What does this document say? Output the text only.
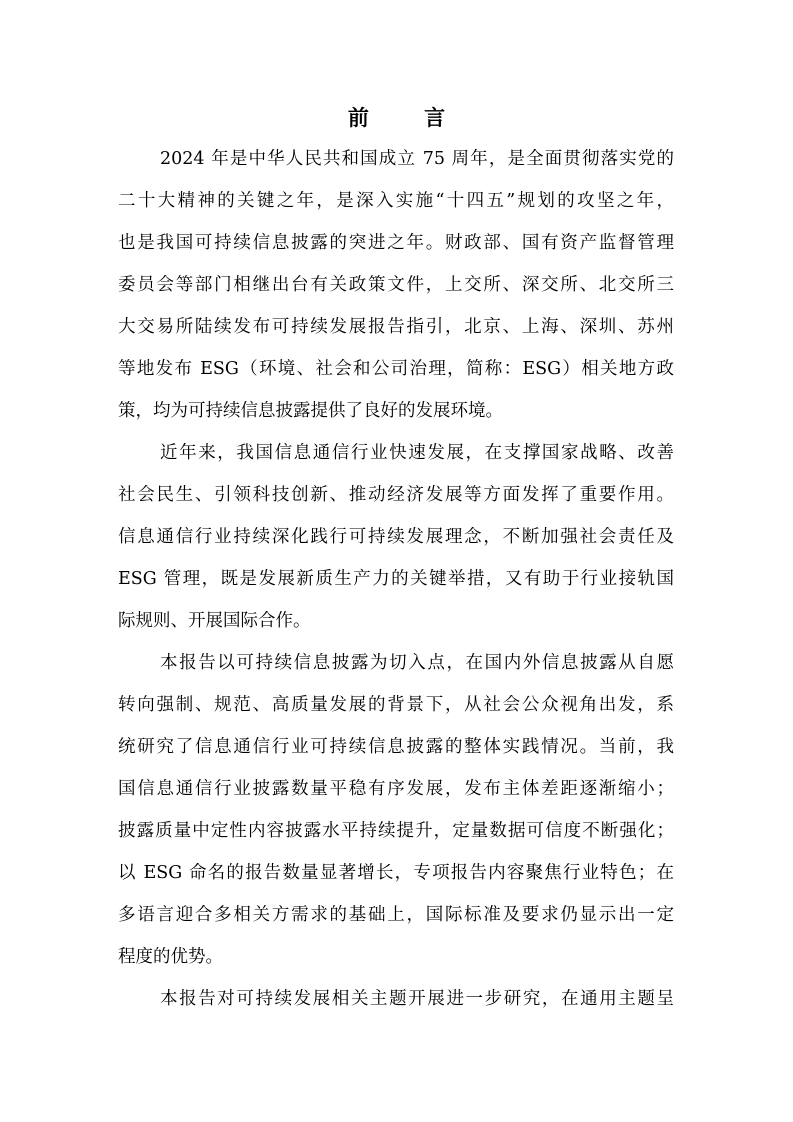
前 言
2024 年是中华人民共和国成立 75 周年，是全面贯彻落实党的
二十大精神的关键之年，是深入实施“十四五”规划的攻坚之年，
也是我国可持续信息披露的突进之年。财政部、国有资产监督管理
委员会等部门相继出台有关政策文件，上交所、深交所、北交所三
大交易所陆续发布可持续发展报告指引，北京、上海、深圳、苏州
等地发布 ESG（环境、社会和公司治理，简称：ESG）相关地方政
策，均为可持续信息披露提供了良好的发展环境。
近年来，我国信息通信行业快速发展，在支撑国家战略、改善
社会民生、引领科技创新、推动经济发展等方面发挥了重要作用。
信息通信行业持续深化践行可持续发展理念，不断加强社会责任及
ESG 管理，既是发展新质生产力的关键举措，又有助于行业接轨国
际规则、开展国际合作。
本报告以可持续信息披露为切入点，在国内外信息披露从自愿
转向强制、规范、高质量发展的背景下，从社会公众视角出发，系
统研究了信息通信行业可持续信息披露的整体实践情况。当前，我
国信息通信行业披露数量平稳有序发展，发布主体差距逐渐缩小；
披露质量中定性内容披露水平持续提升，定量数据可信度不断强化；
以 ESG 命名的报告数量显著增长，专项报告内容聚焦行业特色；在
多语言迎合多相关方需求的基础上，国际标准及要求仍显示出一定
程度的优势。
本报告对可持续发展相关主题开展进一步研究，在通用主题呈
